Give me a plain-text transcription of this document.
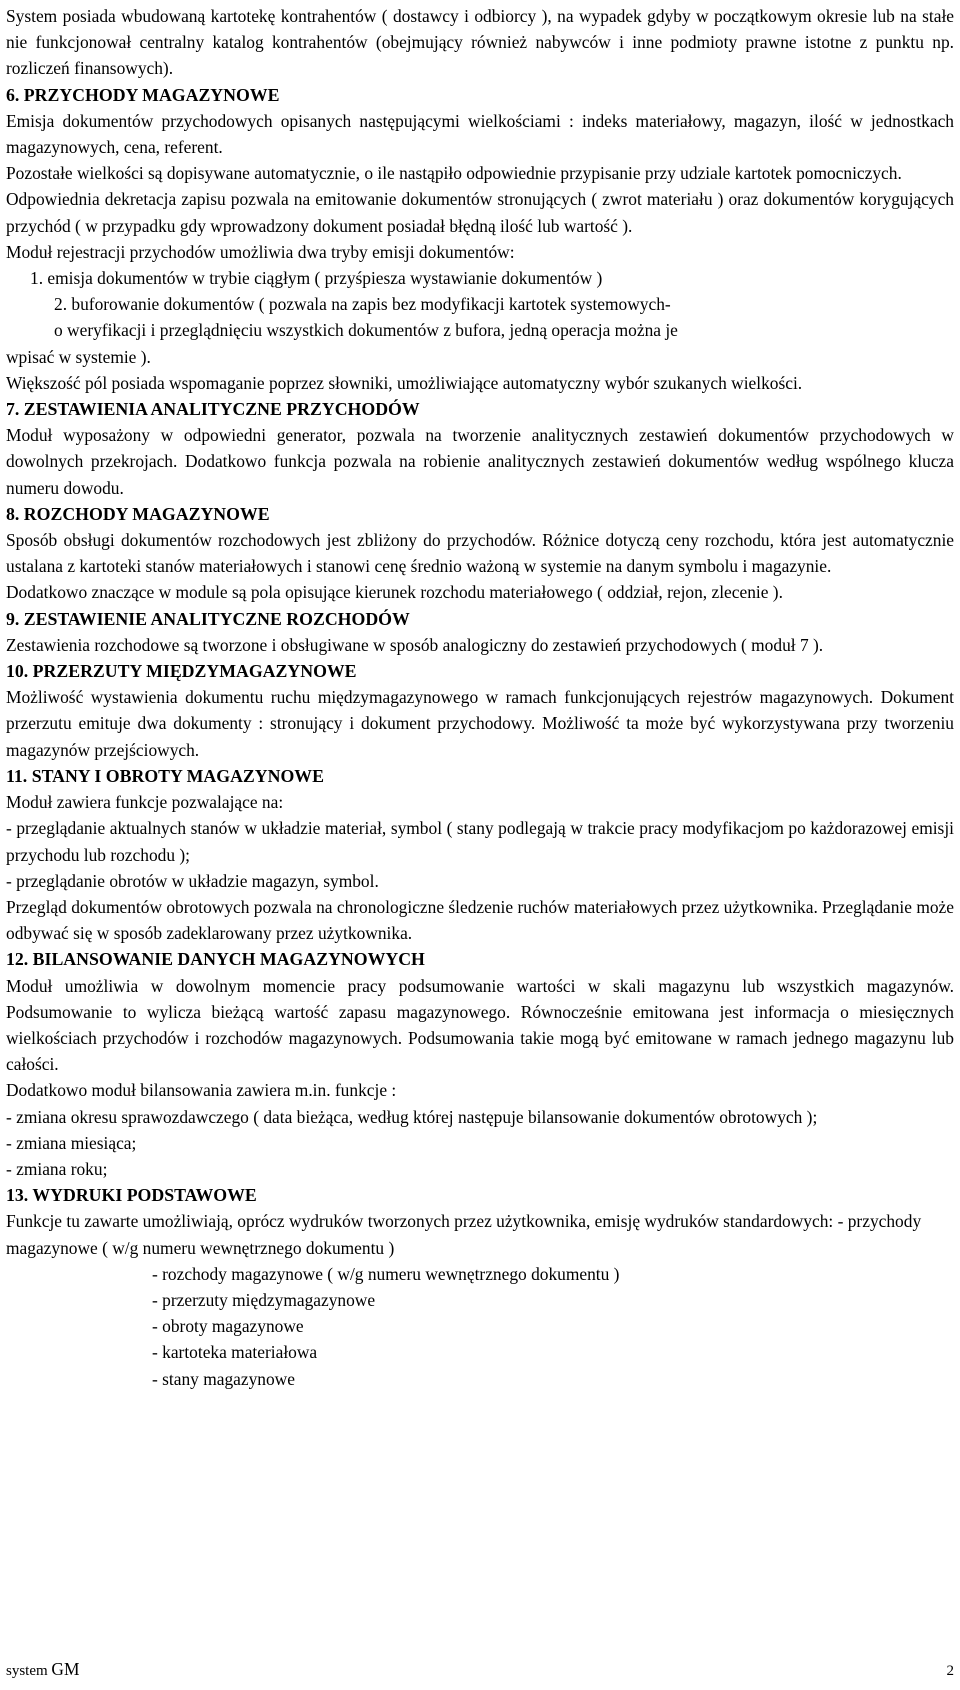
System posiada wbudowaną kartotekę kontrahentów ( dostawcy i odbiorcy ), na wypadek gdyby w początkowym okresie lub na stałe nie funkcjonował centralny katalog kontrahentów (obejmujący również nabywców i inne podmioty prawne istotne z punktu np. rozliczeń finansowych).

6. PRZYCHODY MAGAZYNOWE

Emisja dokumentów przychodowych opisanych następującymi wielkościami : indeks materiałowy, magazyn, ilość w jednostkach magazynowych, cena, referent.

Pozostałe wielkości są dopisywane automatycznie, o ile nastąpiło odpowiednie przypisanie przy udziale kartotek pomocniczych.

Odpowiednia dekretacja zapisu pozwala na emitowanie dokumentów stronujących ( zwrot materiału ) oraz dokumentów korygujących przychód ( w przypadku gdy wprowadzony dokument posiadał błędną ilość lub wartość ).

Moduł rejestracji przychodów umożliwia dwa tryby emisji dokumentów:

1. emisja dokumentów w trybie ciągłym ( przyśpiesza wystawianie dokumentów )

2. buforowanie dokumentów ( pozwala na zapis bez modyfikacji kartotek systemowych-

o weryfikacji i przeglądnięciu wszystkich dokumentów z bufora, jedną operacja można je

wpisać w systemie ).

Większość pól posiada wspomaganie poprzez słowniki, umożliwiające automatyczny wybór szukanych wielkości.

7. ZESTAWIENIA ANALITYCZNE PRZYCHODÓW

Moduł wyposażony w odpowiedni generator, pozwala na tworzenie analitycznych zestawień dokumentów przychodowych w dowolnych przekrojach. Dodatkowo funkcja pozwala na robienie analitycznych zestawień dokumentów według wspólnego klucza numeru dowodu.

8. ROZCHODY MAGAZYNOWE

Sposób obsługi dokumentów rozchodowych jest zbliżony do przychodów. Różnice dotyczą ceny rozchodu, która jest automatycznie ustalana z kartoteki stanów materiałowych i stanowi cenę średnio ważoną w systemie na danym symbolu i magazynie.

Dodatkowo znaczące w module są pola opisujące kierunek rozchodu materiałowego ( oddział, rejon, zlecenie ).

9. ZESTAWIENIE ANALITYCZNE ROZCHODÓW

Zestawienia rozchodowe są tworzone i obsługiwane w sposób analogiczny do zestawień przychodowych ( moduł 7 ).

10. PRZERZUTY MIĘDZYMAGAZYNOWE

Możliwość wystawienia dokumentu ruchu międzymagazynowego w ramach funkcjonujących rejestrów magazynowych. Dokument przerzutu emituje dwa dokumenty : stronujący i dokument przychodowy. Możliwość ta może być wykorzystywana przy tworzeniu magazynów przejściowych.

11. STANY I OBROTY MAGAZYNOWE

Moduł zawiera funkcje pozwalające na:

- przeglądanie aktualnych stanów w układzie materiał, symbol ( stany podlegają w trakcie pracy modyfikacjom po każdorazowej emisji przychodu lub rozchodu );

- przeglądanie obrotów w układzie magazyn, symbol.

Przegląd dokumentów obrotowych pozwala na chronologiczne śledzenie ruchów materiałowych przez użytkownika. Przeglądanie może odbywać się w sposób zadeklarowany przez użytkownika.

12. BILANSOWANIE DANYCH MAGAZYNOWYCH

Moduł umożliwia w dowolnym momencie pracy podsumowanie wartości w skali magazynu lub wszystkich magazynów. Podsumowanie to wylicza bieżącą wartość zapasu magazynowego. Równocześnie emitowana jest informacja o miesięcznych wielkościach przychodów i rozchodów magazynowych. Podsumowania takie mogą być emitowane w ramach jednego magazynu lub całości.

Dodatkowo moduł bilansowania zawiera m.in. funkcje :

- zmiana okresu sprawozdawczego ( data bieżąca, według której następuje bilansowanie dokumentów obrotowych );

- zmiana miesiąca;

- zmiana roku;

13. WYDRUKI PODSTAWOWE

Funkcje tu zawarte umożliwiają, oprócz wydruków tworzonych przez użytkownika, emisję wydruków standardowych: - przychody magazynowe ( w/g numeru wewnętrznego dokumentu )

- rozchody magazynowe ( w/g numeru wewnętrznego dokumentu )

- przerzuty międzymagazynowe

- obroty magazynowe

- kartoteka materiałowa

- stany magazynowe

system GM	2
